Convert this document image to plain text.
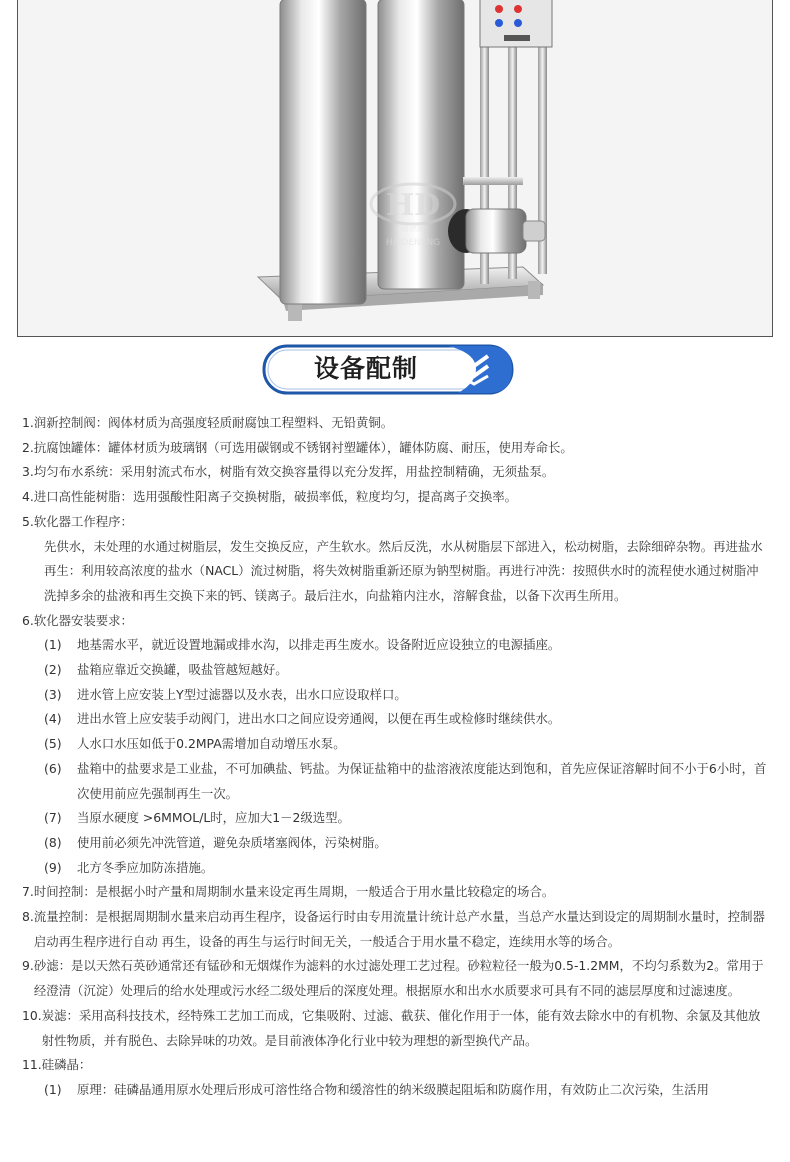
HD
海德能
HAIDENENG
设备配制
1. 润新控制阀：阀体材质为高强度轻质耐腐蚀工程塑料、无铅黄铜。
2. 抗腐蚀罐体：罐体材质为玻璃钢（可选用碳钢或不锈钢衬塑罐体），罐体防腐、耐压，使用寿命长。
3. 均匀布水系统：采用射流式布水，树脂有效交换容量得以充分发挥，用盐控制精确，无须盐泵。
4. 进口高性能树脂：选用强酸性阳离子交换树脂，破损率低，粒度均匀，提高离子交换率。
5. 软化器工作程序：
先供水，未处理的水通过树脂层，发生交换反应，产生软水。然后反洗，水从树脂层下部进入，松动树脂，去除细碎杂物。再进盐水再生：利用较高浓度的盐水（NACL）流过树脂，将失效树脂重新还原为钠型树脂。再进行冲洗：按照供水时的流程使水通过树脂冲洗掉多余的盐液和再生交换下来的钙、镁离子。最后注水，向盐箱内注水，溶解食盐，以备下次再生所用。
6. 软化器安装要求：
(1)	地基需水平，就近设置地漏或排水沟，以排走再生废水。设备附近应设独立的电源插座。
(2)	盐箱应靠近交换罐，吸盐管越短越好。
(3)	进水管上应安装上Y型过滤器以及水表，出水口应设取样口。
(4)	进出水管上应安装手动阀门，进出水口之间应设旁通阀，以便在再生或检修时继续供水。
(5)	人水口水压如低于0.2MPA需增加自动增压水泵。
(6)	盐箱中的盐要求是工业盐，不可加碘盐、钙盐。为保证盐箱中的盐溶液浓度能达到饱和，首先应保证溶解时间不小于6小时，首次使用前应先强制再生一次。
(7)	当原水硬度 >6MMOL/L时，应加大1－2级选型。
(8)	使用前必须先冲洗管道，避免杂质堵塞阀体，污染树脂。
(9)	北方冬季应加防冻措施。
7. 时间控制：是根据小时产量和周期制水量来设定再生周期，一般适合于用水量比较稳定的场合。
8. 流量控制：是根据周期制水量来启动再生程序，设备运行时由专用流量计统计总产水量，当总产水量达到设定的周期制水量时，控制器启动再生程序进行自动 再生，设备的再生与运行时间无关，一般适合于用水量不稳定，连续用水等的场合。
9. 砂滤：是以天然石英砂通常还有锰砂和无烟煤作为滤料的水过滤处理工艺过程。砂粒粒径一般为0.5-1.2MM，不均匀系数为2。常用于经澄清（沉淀）处理后的给水处理或污水经二级处理后的深度处理。根据原水和出水水质要求可具有不同的滤层厚度和过滤速度。
10. 炭滤：采用高科技技术，经特殊工艺加工而成，它集吸附、过滤、截获、催化作用于一体，能有效去除水中的有机物、余氯及其他放射性物质，并有脱色、去除异味的功效。是目前液体净化行业中较为理想的新型换代产品。
11. 硅磷晶：
(1)	原理：硅磷晶通用原水处理后形成可溶性络合物和缓溶性的纳米级膜起阻垢和防腐作用，有效防止二次污染，生活用
